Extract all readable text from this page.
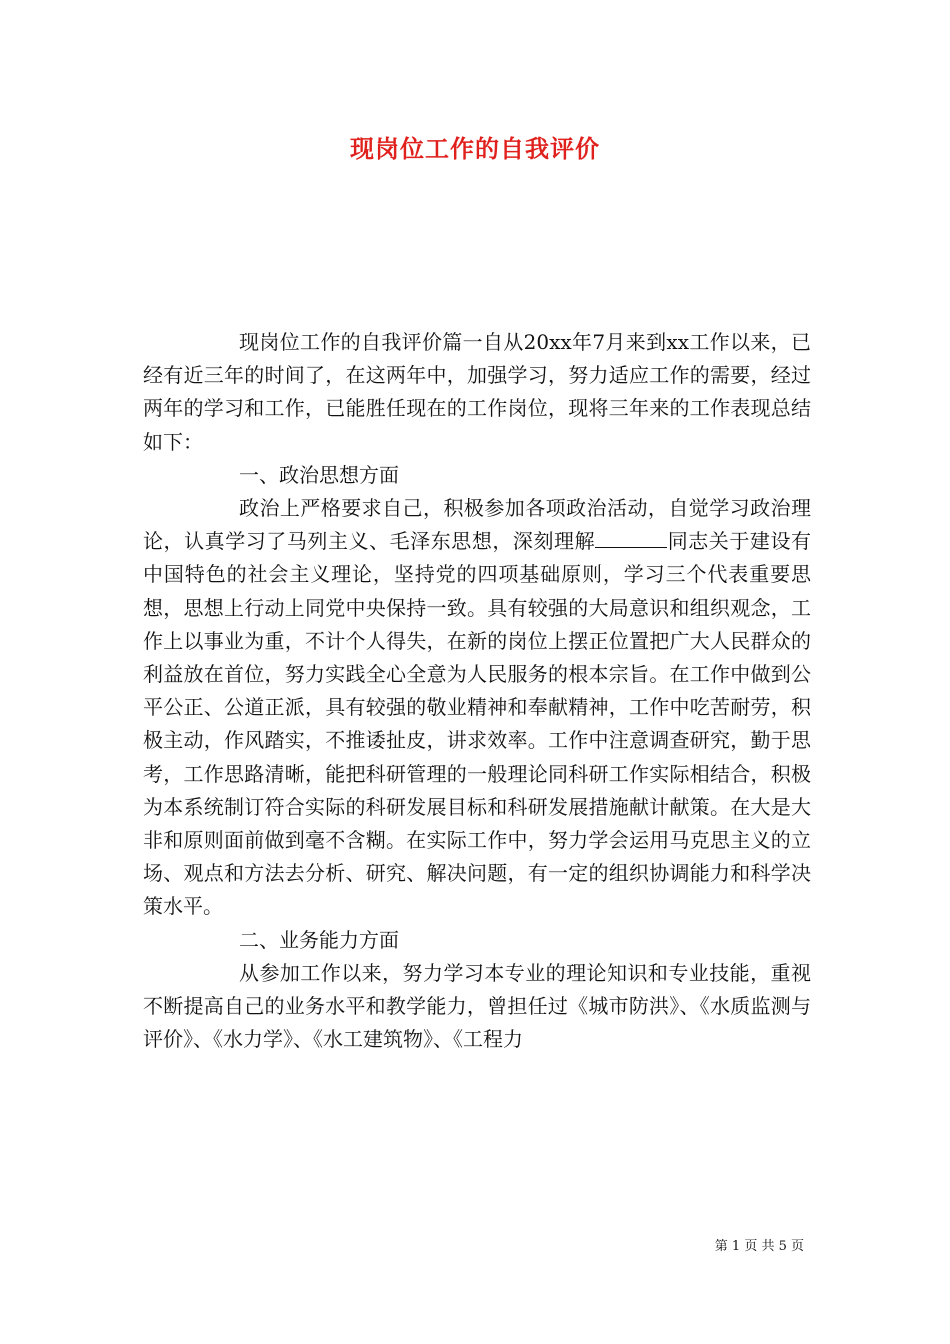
现岗位工作的自我评价

现岗位工作的自我评价篇一自从20xx年7月来到xx工作以来，已经有近三年的时间了，在这两年中，加强学习，努力适应工作的需要，经过两年的学习和工作，已能胜任现在的工作岗位，现将三年来的工作表现总结如下：

一、政治思想方面

政治上严格要求自己，积极参加各项政治活动，自觉学习政治理论，认真学习了马列主义、毛泽东思想，深刻理解	同志关于建设有中国特色的社会主义理论，坚持党的四项基础原则，学习三个代表重要思想，思想上行动上同党中央保持一致。具有较强的大局意识和组织观念，工作上以事业为重，不计个人得失，在新的岗位上摆正位置把广大人民群众的利益放在首位，努力实践全心全意为人民服务的根本宗旨。在工作中做到公平公正、公道正派，具有较强的敬业精神和奉献精神，工作中吃苦耐劳，积极主动，作风踏实，不推诿扯皮，讲求效率。工作中注意调查研究，勤于思考，工作思路清晰，能把科研管理的一般理论同科研工作实际相结合，积极为本系统制订符合实际的科研发展目标和科研发展措施献计献策。在大是大非和原则面前做到毫不含糊。在实际工作中，努力学会运用马克思主义的立场、观点和方法去分析、研究、解决问题，有一定的组织协调能力和科学决策水平。

二、业务能力方面

从参加工作以来，努力学习本专业的理论知识和专业技能，重视不断提高自己的业务水平和教学能力，曾担任过《城市防洪》、《水质监测与评价》、《水力学》、《水工建筑物》、《工程力

第 1 页 共 5 页
